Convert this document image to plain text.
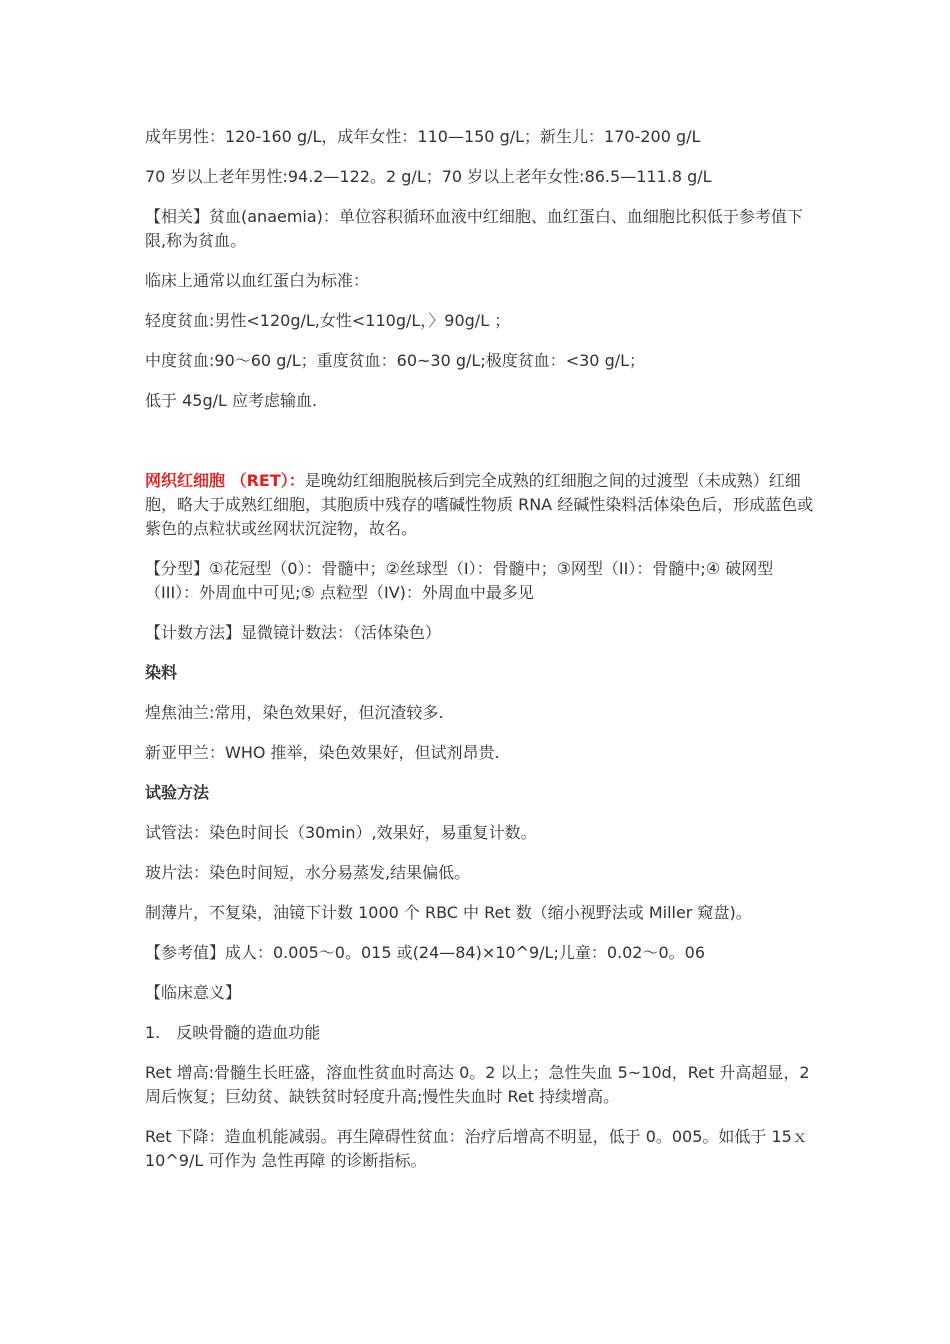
成年男性：120-160 g/L，成年女性：110—150 g/L；新生儿：170-200 g/L

70 岁以上老年男性:94.2—122。2 g/L；70 岁以上老年女性:86.5—111.8 g/L

【相关】贫血(anaemia)：单位容积循环血液中红细胞、血红蛋白、血细胞比积低于参考值下限,称为贫血。

临床上通常以血红蛋白为标准：

轻度贫血:男性<120g/L,女性<110g/L，〉90g/L ；

中度贫血:90～60 g/L；重度贫血：60~30 g/L;极度贫血：<30 g/L；

低于 45g/L 应考虑输血.

网织红细胞 （RET）：是晚幼红细胞脱核后到完全成熟的红细胞之间的过渡型（未成熟）红细胞，略大于成熟红细胞，其胞质中残存的嗜碱性物质 RNA 经碱性染料活体染色后，形成蓝色或紫色的点粒状或丝网状沉淀物，故名。

【分型】①花冠型（0）：骨髓中；②丝球型（I）：骨髓中；③网型（II）：骨髓中;④ 破网型（III）：外周血中可见;⑤ 点粒型（IV)：外周血中最多见

【计数方法】显微镜计数法：（活体染色）

染料

煌焦油兰:常用，染色效果好，但沉渣较多.

新亚甲兰：WHO 推举，染色效果好，但试剂昂贵.

试验方法

试管法：染色时间长（30min）,效果好，易重复计数。

玻片法：染色时间短，水分易蒸发,结果偏低。

制薄片，不复染，油镜下计数 1000 个 RBC 中 Ret 数（缩小视野法或 Miller 窥盘)。

【参考值】成人：0.005～0。015 或(24—84)×10^9/L;儿童：0.02～0。06

【临床意义】

1.　反映骨髓的造血功能

Ret 增高:骨髓生长旺盛，溶血性贫血时高达 0。2 以上；急性失血 5~10d，Ret 升高超显，2 周后恢复；巨幼贫、缺铁贫时轻度升高;慢性失血时 Ret 持续增高。

Ret 下降：造血机能减弱。再生障碍性贫血：治疗后增高不明显，低于 0。005。如低于 15ｘ10^9/L 可作为 急性再障 的诊断指标。
